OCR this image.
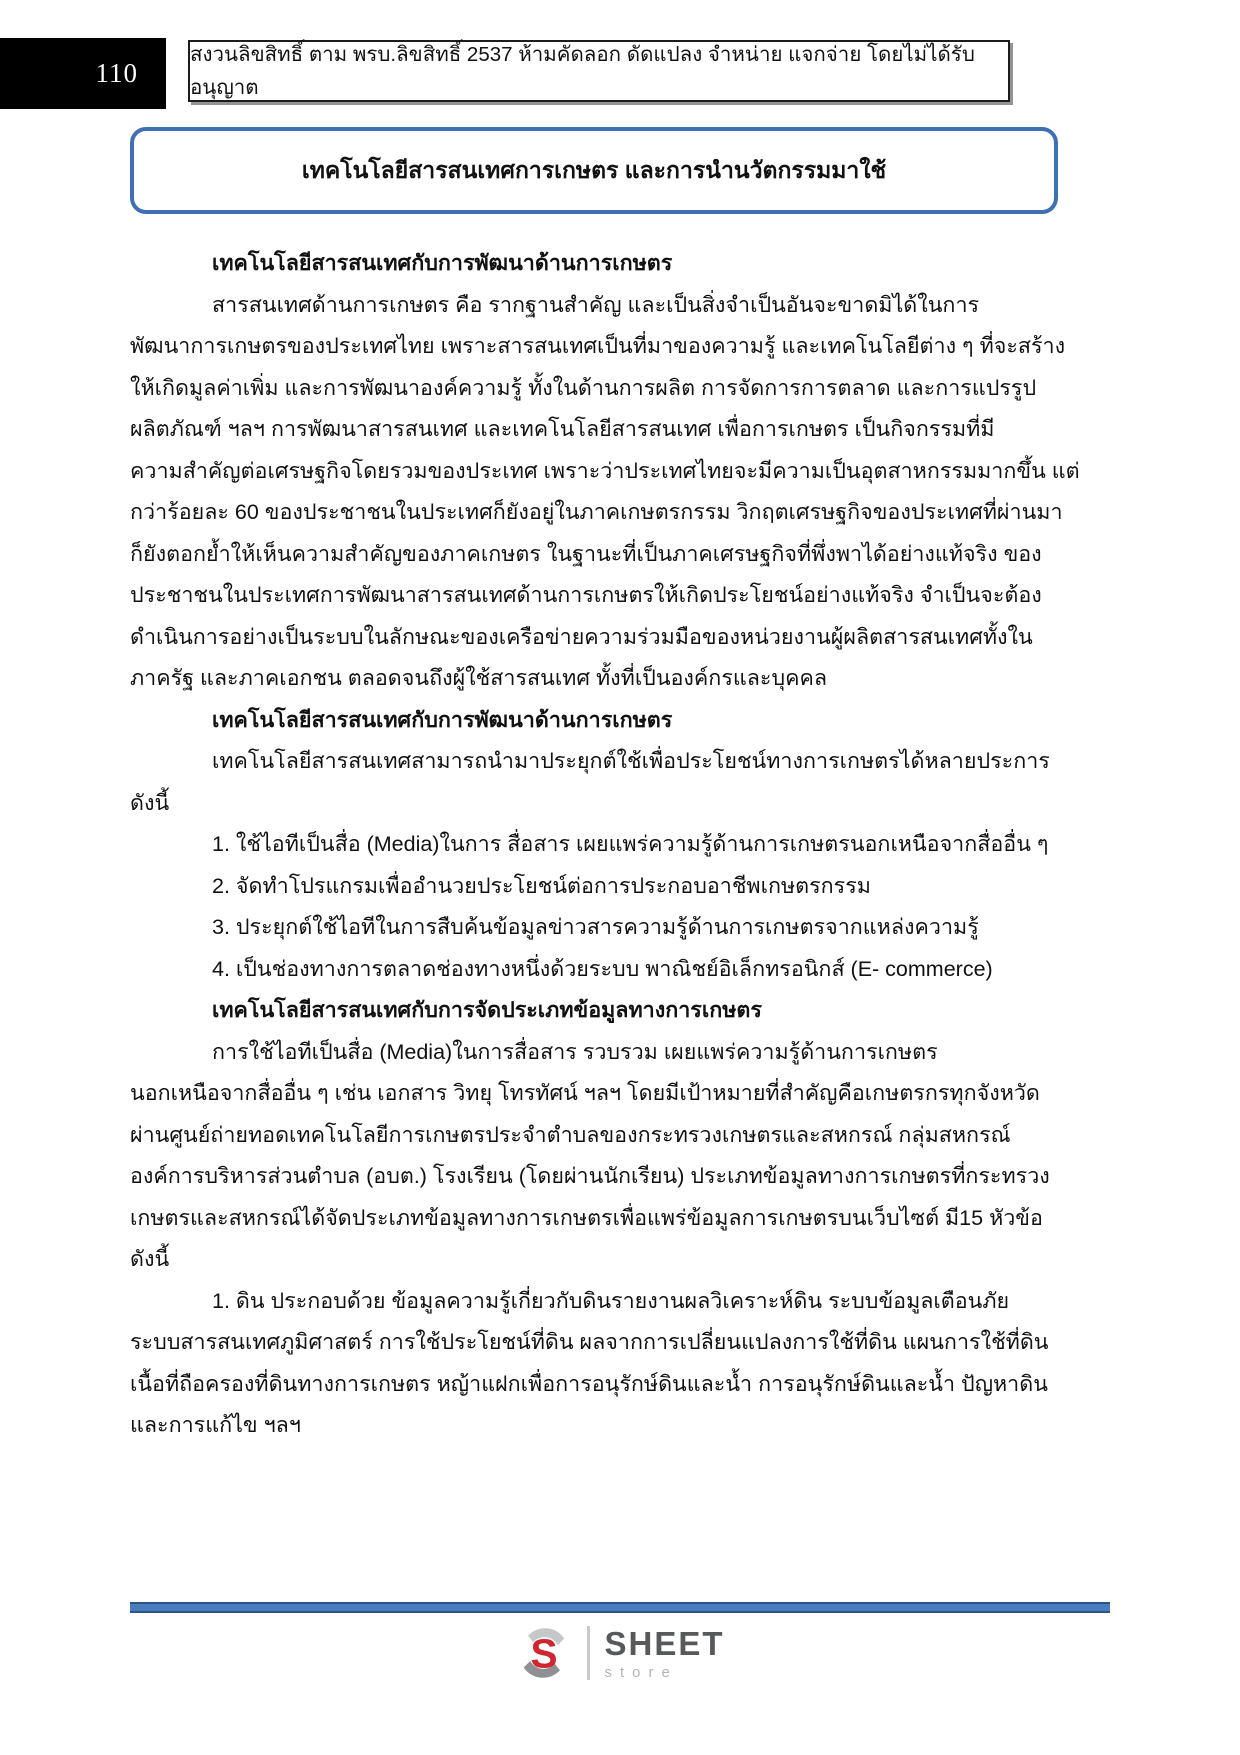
110
สงวนลิขสิทธิ์ ตาม พรบ.ลิขสิทธิ์ 2537 ห้ามคัดลอก ดัดแปลง จำหน่าย แจกจ่าย โดยไม่ได้รับอนุญาต
เทคโนโลยีสารสนเทศการเกษตร และการนำนวัตกรรมมาใช้
เทคโนโลยีสารสนเทศกับการพัฒนาด้านการเกษตร
สารสนเทศด้านการเกษตร คือ รากฐานสำคัญ และเป็นสิ่งจำเป็นอันจะขาดมิได้ในการ
พัฒนาการเกษตรของประเทศไทย เพราะสารสนเทศเป็นที่มาของความรู้ และเทคโนโลยีต่าง ๆ ที่จะสร้าง
ให้เกิดมูลค่าเพิ่ม และการพัฒนาองค์ความรู้ ทั้งในด้านการผลิต การจัดการการตลาด และการแปรรูป
ผลิตภัณฑ์ ฯลฯ การพัฒนาสารสนเทศ และเทคโนโลยีสารสนเทศ เพื่อการเกษตร เป็นกิจกรรมที่มี
ความสำคัญต่อเศรษฐกิจโดยรวมของประเทศ เพราะว่าประเทศไทยจะมีความเป็นอุตสาหกรรมมากขึ้น แต่
กว่าร้อยละ 60 ของประชาชนในประเทศก็ยังอยู่ในภาคเกษตรกรรม วิกฤตเศรษฐกิจของประเทศที่ผ่านมา
ก็ยังตอกย้ำให้เห็นความสำคัญของภาคเกษตร ในฐานะที่เป็นภาคเศรษฐกิจที่พึ่งพาได้อย่างแท้จริง ของ
ประชาชนในประเทศการพัฒนาสารสนเทศด้านการเกษตรให้เกิดประโยชน์อย่างแท้จริง จำเป็นจะต้อง
ดำเนินการอย่างเป็นระบบในลักษณะของเครือข่ายความร่วมมือของหน่วยงานผู้ผลิตสารสนเทศทั้งใน
ภาครัฐ และภาคเอกชน ตลอดจนถึงผู้ใช้สารสนเทศ ทั้งที่เป็นองค์กรและบุคคล
เทคโนโลยีสารสนเทศกับการพัฒนาด้านการเกษตร
เทคโนโลยีสารสนเทศสามารถนำมาประยุกต์ใช้เพื่อประโยชน์ทางการเกษตรได้หลายประการ
ดังนี้
1. ใช้ไอทีเป็นสื่อ (Media)ในการ สื่อสาร เผยแพร่ความรู้ด้านการเกษตรนอกเหนือจากสื่ออื่น ๆ
2. จัดทำโปรแกรมเพื่ออำนวยประโยชน์ต่อการประกอบอาชีพเกษตรกรรม
3. ประยุกต์ใช้ไอทีในการสืบค้นข้อมูลข่าวสารความรู้ด้านการเกษตรจากแหล่งความรู้
4. เป็นช่องทางการตลาดช่องทางหนึ่งด้วยระบบ พาณิชย์อิเล็กทรอนิกส์ (E- commerce)
เทคโนโลยีสารสนเทศกับการจัดประเภทข้อมูลทางการเกษตร
การใช้ไอทีเป็นสื่อ (Media)ในการสื่อสาร รวบรวม เผยแพร่ความรู้ด้านการเกษตร
นอกเหนือจากสื่ออื่น ๆ เช่น เอกสาร วิทยุ โทรทัศน์ ฯลฯ โดยมีเป้าหมายที่สำคัญคือเกษตรกรทุกจังหวัด
ผ่านศูนย์ถ่ายทอดเทคโนโลยีการเกษตรประจำตำบลของกระทรวงเกษตรและสหกรณ์ กลุ่มสหกรณ์
องค์การบริหารส่วนตำบล (อบต.) โรงเรียน (โดยผ่านนักเรียน) ประเภทข้อมูลทางการเกษตรที่กระทรวง
เกษตรและสหกรณ์ได้จัดประเภทข้อมูลทางการเกษตรเพื่อแพร่ข้อมูลการเกษตรบนเว็บไซต์ มี15 หัวข้อ
ดังนี้
1. ดิน ประกอบด้วย ข้อมูลความรู้เกี่ยวกับดินรายงานผลวิเคราะห์ดิน ระบบข้อมูลเตือนภัย
ระบบสารสนเทศภูมิศาสตร์ การใช้ประโยชน์ที่ดิน ผลจากการเปลี่ยนแปลงการใช้ที่ดิน แผนการใช้ที่ดิน
เนื้อที่ถือครองที่ดินทางการเกษตร หญ้าแฝกเพื่อการอนุรักษ์ดินและน้ำ การอนุรักษ์ดินและน้ำ ปัญหาดิน
และการแก้ไข ฯลฯ
S SHEET
store
